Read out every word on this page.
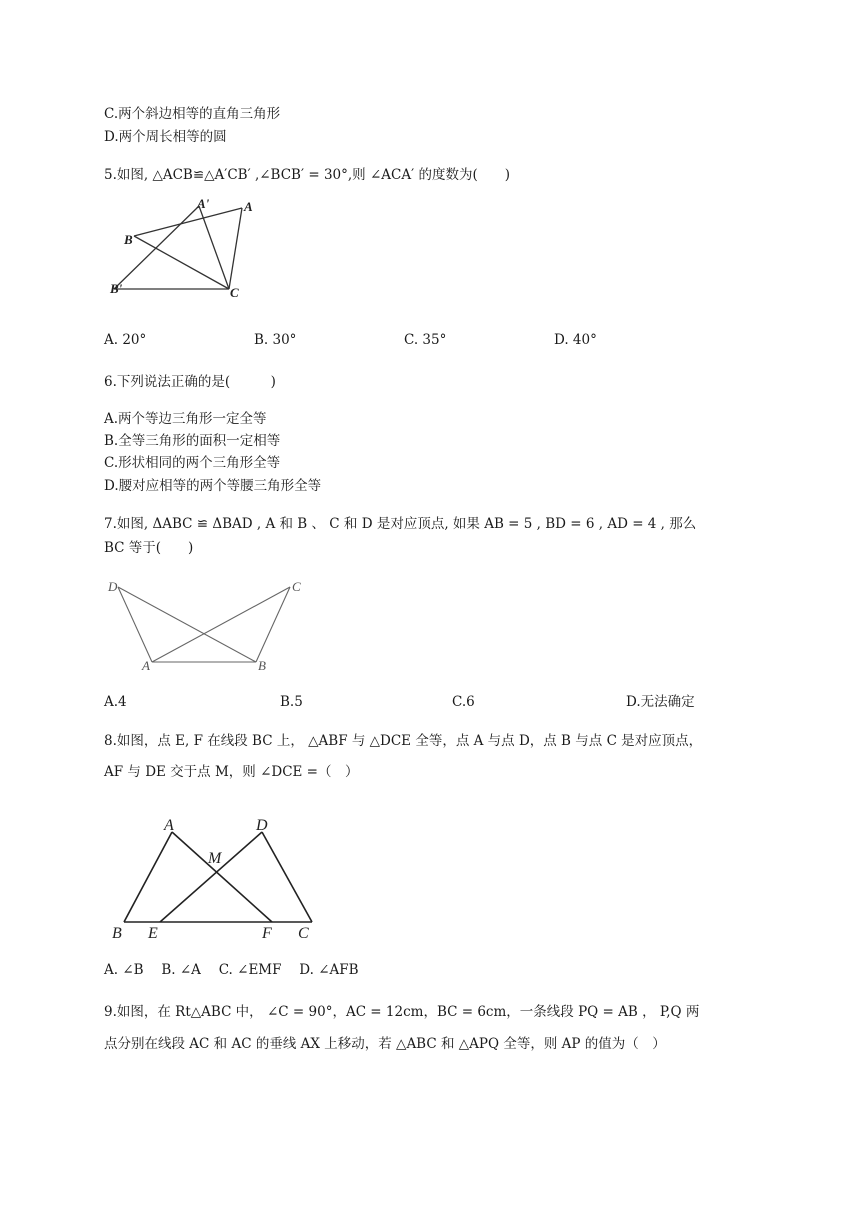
C.两个斜边相等的直角三角形
D.两个周长相等的圆
5.如图, △ACB≌△A′CB′ ,∠BCB′ = 30°,则 ∠ACA′ 的度数为(　　)
A'	A
B
B'	C
A. 20°	B. 30°	C. 35°	D. 40°
6.下列说法正确的是(　　　)
A.两个等边三角形一定全等
B.全等三角形的面积一定相等
C.形状相同的两个三角形全等
D.腰对应相等的两个等腰三角形全等
7.如图, ΔABC ≌ ΔBAD , A 和 B 、 C 和 D 是对应顶点, 如果 AB = 5 , BD = 6 , AD = 4 , 那么
BC 等于(　　)
D	C
A	B
A.4	B.5	C.6	D.无法确定
8.如图，点 E, F 在线段 BC 上， △ABF 与 △DCE 全等，点 A 与点 D，点 B 与点 C 是对应顶点，
AF 与 DE 交于点 M，则 ∠DCE =（　）
A	D
M
B E	F C
A. ∠B　 B. ∠A　 C. ∠EMF　 D. ∠AFB
9.如图，在 Rt△ABC 中， ∠C = 90°，AC = 12cm，BC = 6cm，一条线段 PQ = AB ， P,Q 两
点分别在线段 AC 和 AC 的垂线 AX 上移动，若 △ABC 和 △APQ 全等，则 AP 的值为（　）
